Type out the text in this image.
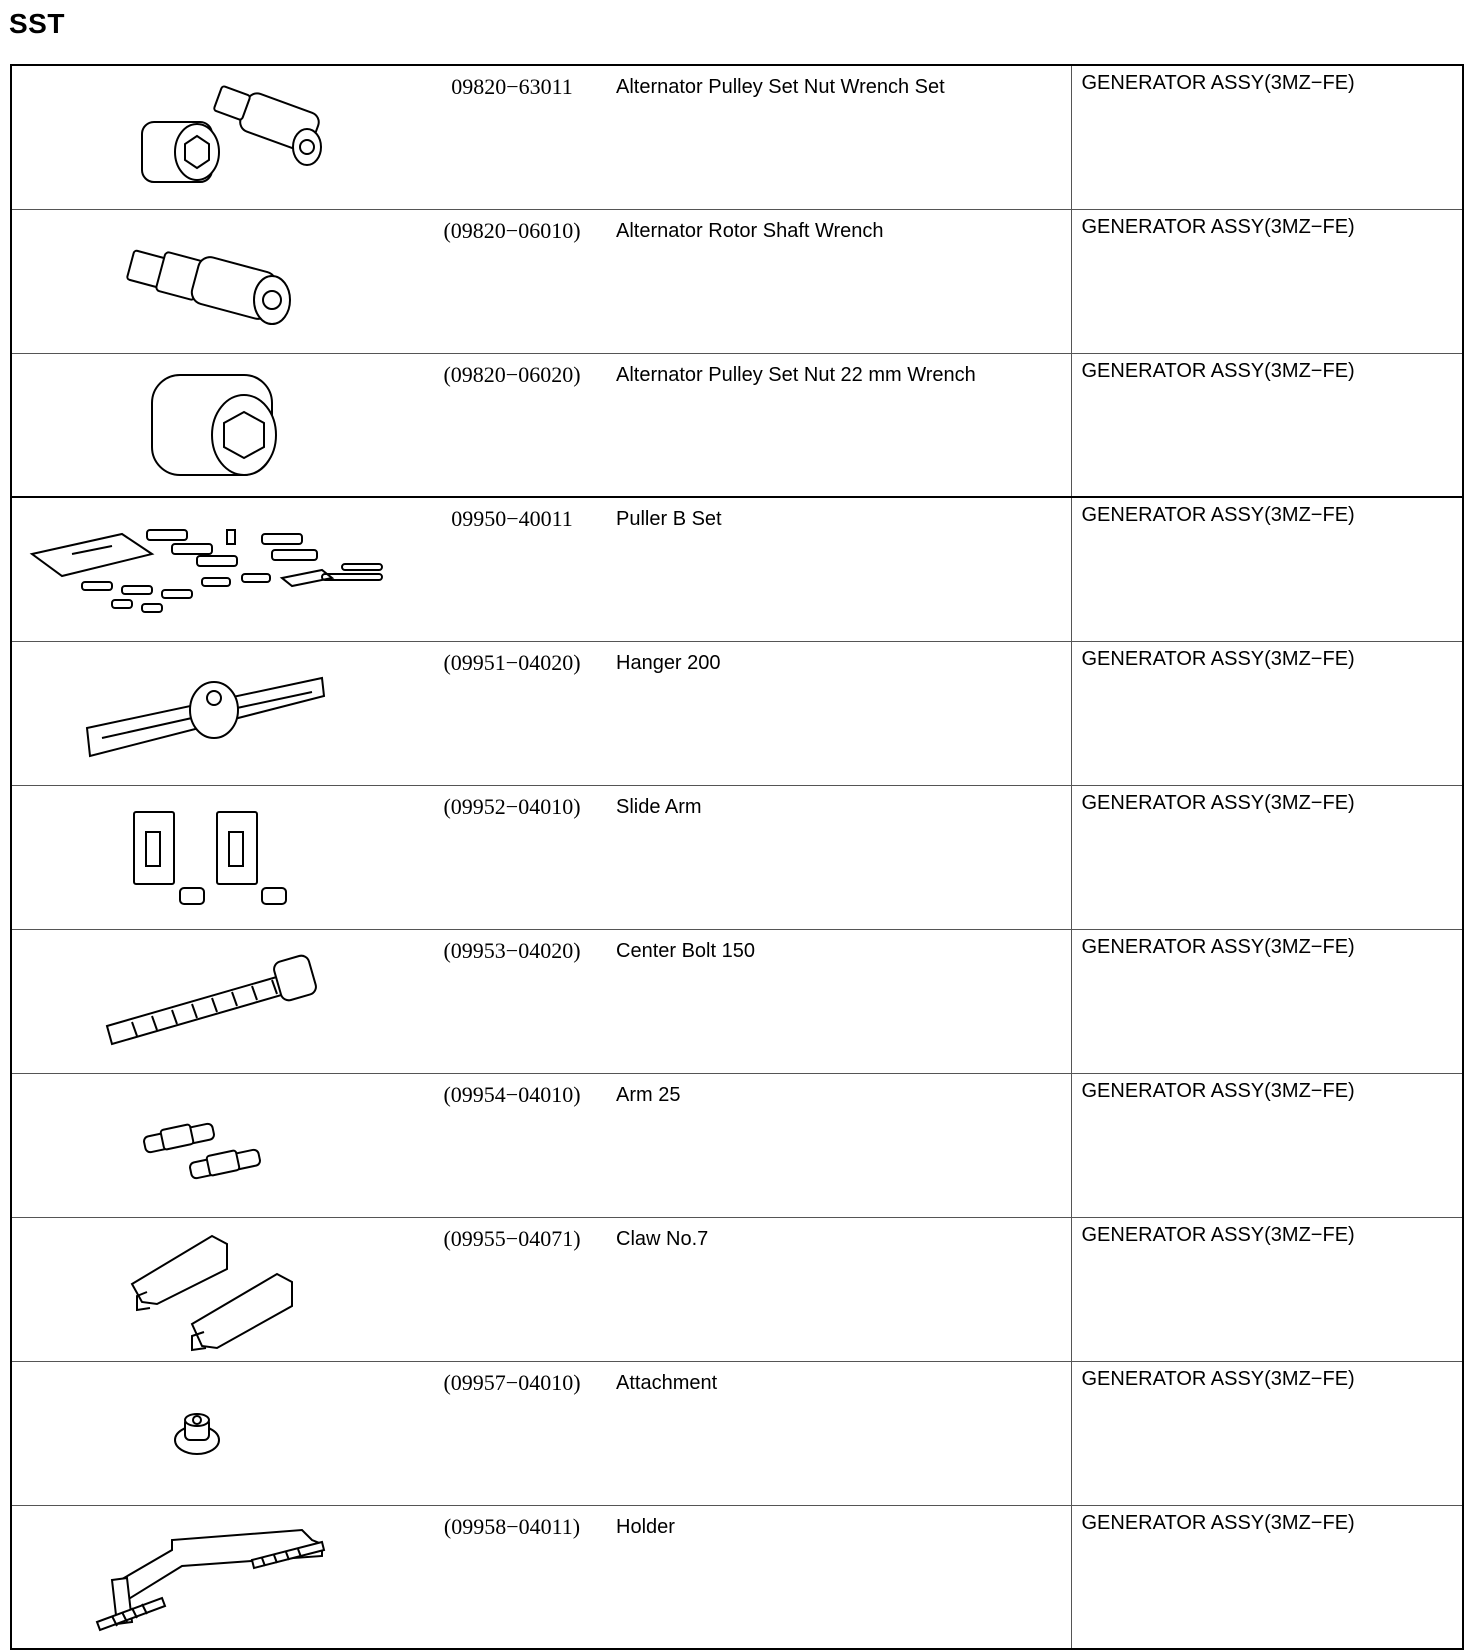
SST
09820−63011 Alternator Pulley Set Nut Wrench Set	GENERATOR ASSY(3MZ−FE)

(09820−06010) Alternator Rotor Shaft Wrench	GENERATOR ASSY(3MZ−FE)

(09820−06020) Alternator Pulley Set Nut 22 mm Wrench	GENERATOR ASSY(3MZ−FE)

09950−40011 Puller B Set	GENERATOR ASSY(3MZ−FE)

(09951−04020) Hanger 200	GENERATOR ASSY(3MZ−FE)

(09952−04010) Slide Arm	GENERATOR ASSY(3MZ−FE)

(09953−04020) Center Bolt 150	GENERATOR ASSY(3MZ−FE)

(09954−04010) Arm 25	GENERATOR ASSY(3MZ−FE)

(09955−04071) Claw No.7	GENERATOR ASSY(3MZ−FE)

(09957−04010) Attachment	GENERATOR ASSY(3MZ−FE)

(09958−04011) Holder	GENERATOR ASSY(3MZ−FE)
